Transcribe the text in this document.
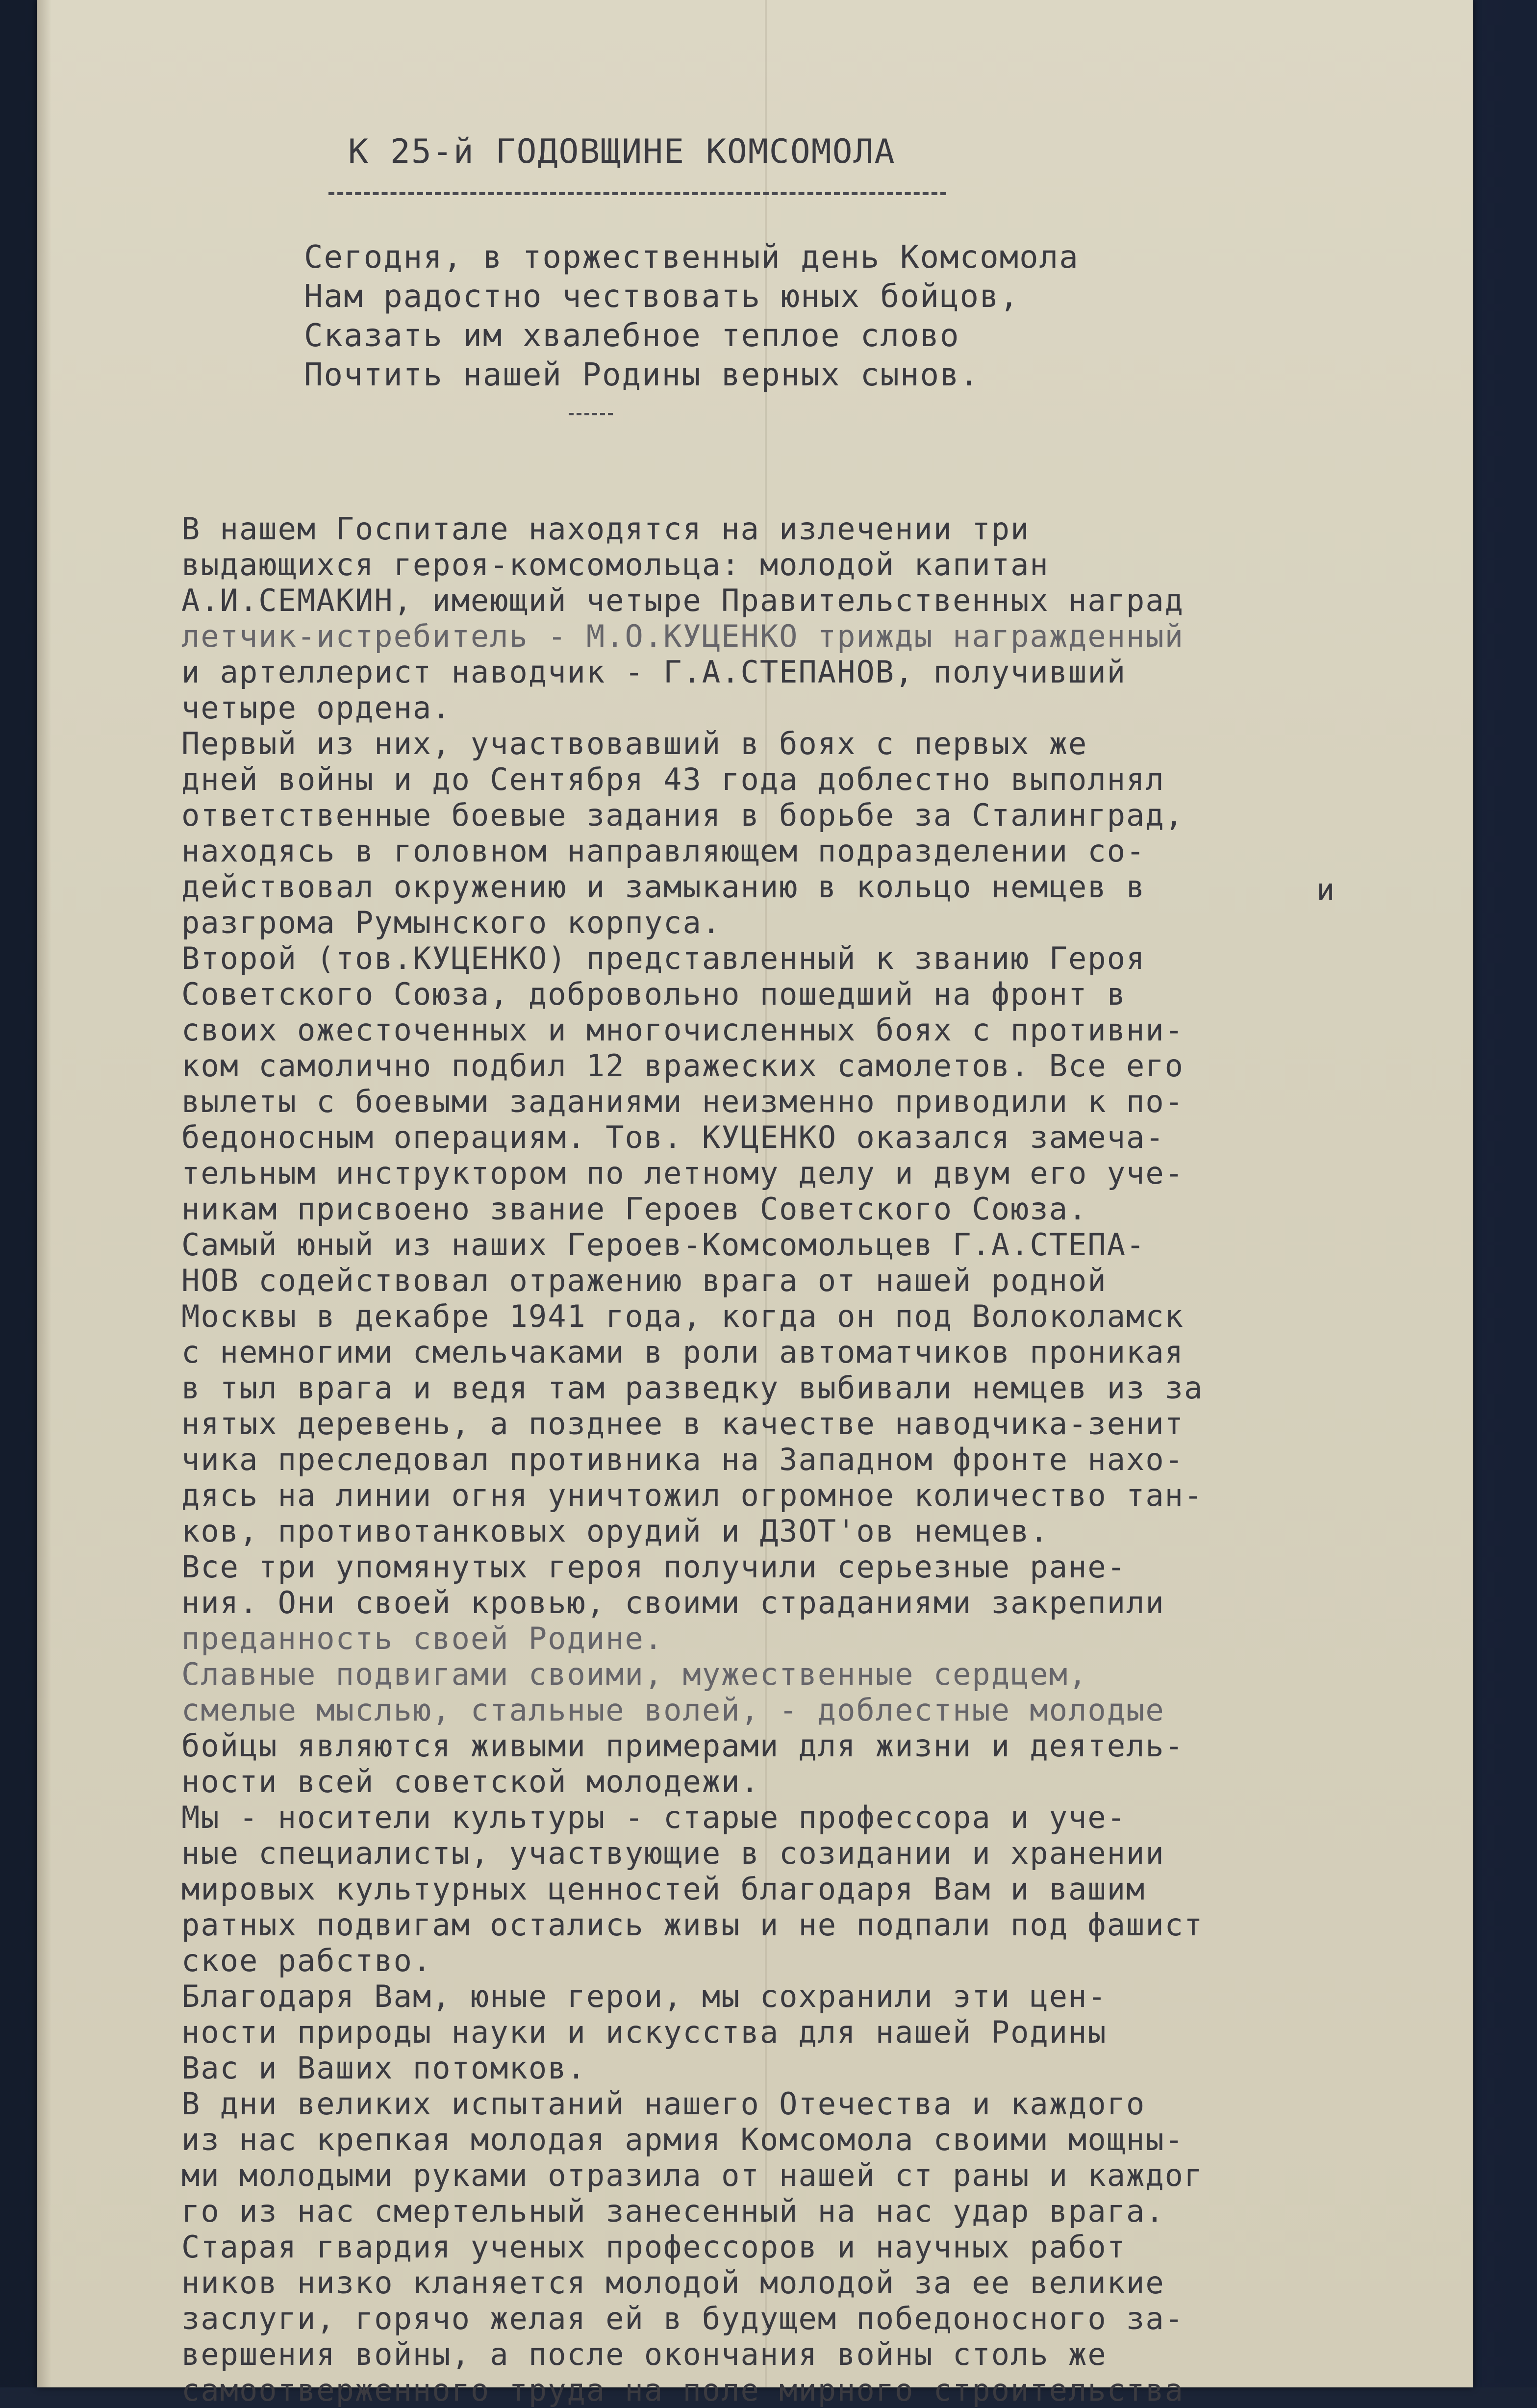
К 25-й ГОДОВЩИНЕ КОМСОМОЛА
Сегодня, в торжественный день Комсомола
Нам радостно чествовать юных бойцов,
Сказать им хвалебное теплое слово
Почтить нашей Родины верных сынов.
и
В нашем Госпитале находятся на излечении три
выдающихся героя-комсомольца: молодой капитан
А.И.СЕМАКИН, имеющий четыре Правительственных наград
летчик-истребитель - М.О.КУЦЕНКО трижды награжденный
и артеллерист наводчик - Г.А.СТЕПАНОВ, получивший
четыре ордена.
Первый из них, участвовавший в боях с первых же
дней войны и до Сентября 43 года доблестно выполнял
ответственные боевые задания в борьбе за Сталинград,
находясь в головном направляющем подразделении со-
действовал окружению и замыканию в кольцо немцев в
разгрома Румынского корпуса.
Второй (тов.КУЦЕНКО) представленный к званию Героя
Советского Союза, добровольно пошедший на фронт в
своих ожесточенных и многочисленных боях с противни-
ком самолично подбил 12 вражеских самолетов. Все его
вылеты с боевыми заданиями неизменно приводили к по-
бедоносным операциям. Тов. КУЦЕНКО оказался замеча-
тельным инструктором по летному делу и двум его уче-
никам присвоено звание Героев Советского Союза.
Самый юный из наших Героев-Комсомольцев Г.А.СТЕПА-
НОВ содействовал отражению врага от нашей родной
Москвы в декабре 1941 года, когда он под Волоколамск
с немногими смельчаками в роли автоматчиков проникая
в тыл врага и ведя там разведку выбивали немцев из за
нятых деревень, а позднее в качестве наводчика-зенит
чика преследовал противника на Западном фронте нахо-
дясь на линии огня уничтожил огромное количество тан-
ков, противотанковых орудий и ДЗОТ'ов немцев.
Все три упомянутых героя получили серьезные ране-
ния. Они своей кровью, своими страданиями закрепили
преданность своей Родине.
Славные подвигами своими, мужественные сердцем,
смелые мыслью, стальные волей, - доблестные молодые
бойцы являются живыми примерами для жизни и деятель-
ности всей советской молодежи.
Мы - носители культуры - старые профессора и уче-
ные специалисты, участвующие в созидании и хранении
мировых культурных ценностей благодаря Вам и вашим
ратных подвигам остались живы и не подпали под фашист
ское рабство.
Благодаря Вам, юные герои, мы сохранили эти цен-
ности природы науки и искусства для нашей Родины
Вас и Ваших потомков.
В дни великих испытаний нашего Отечества и каждого
из нас крепкая молодая армия Комсомола своими мощны-
ми молодыми руками отразила от нашей ст раны и каждог
го из нас смертельный занесенный на нас удар врага.
Старая гвардия ученых профессоров и научных работ
ников низко кланяется молодой молодой за ее великие
заслуги, горячо желая ей в будущем победоносного за-
вершения войны, а после окончания войны столь же
самоотверженного труда на поле мирного строительства
